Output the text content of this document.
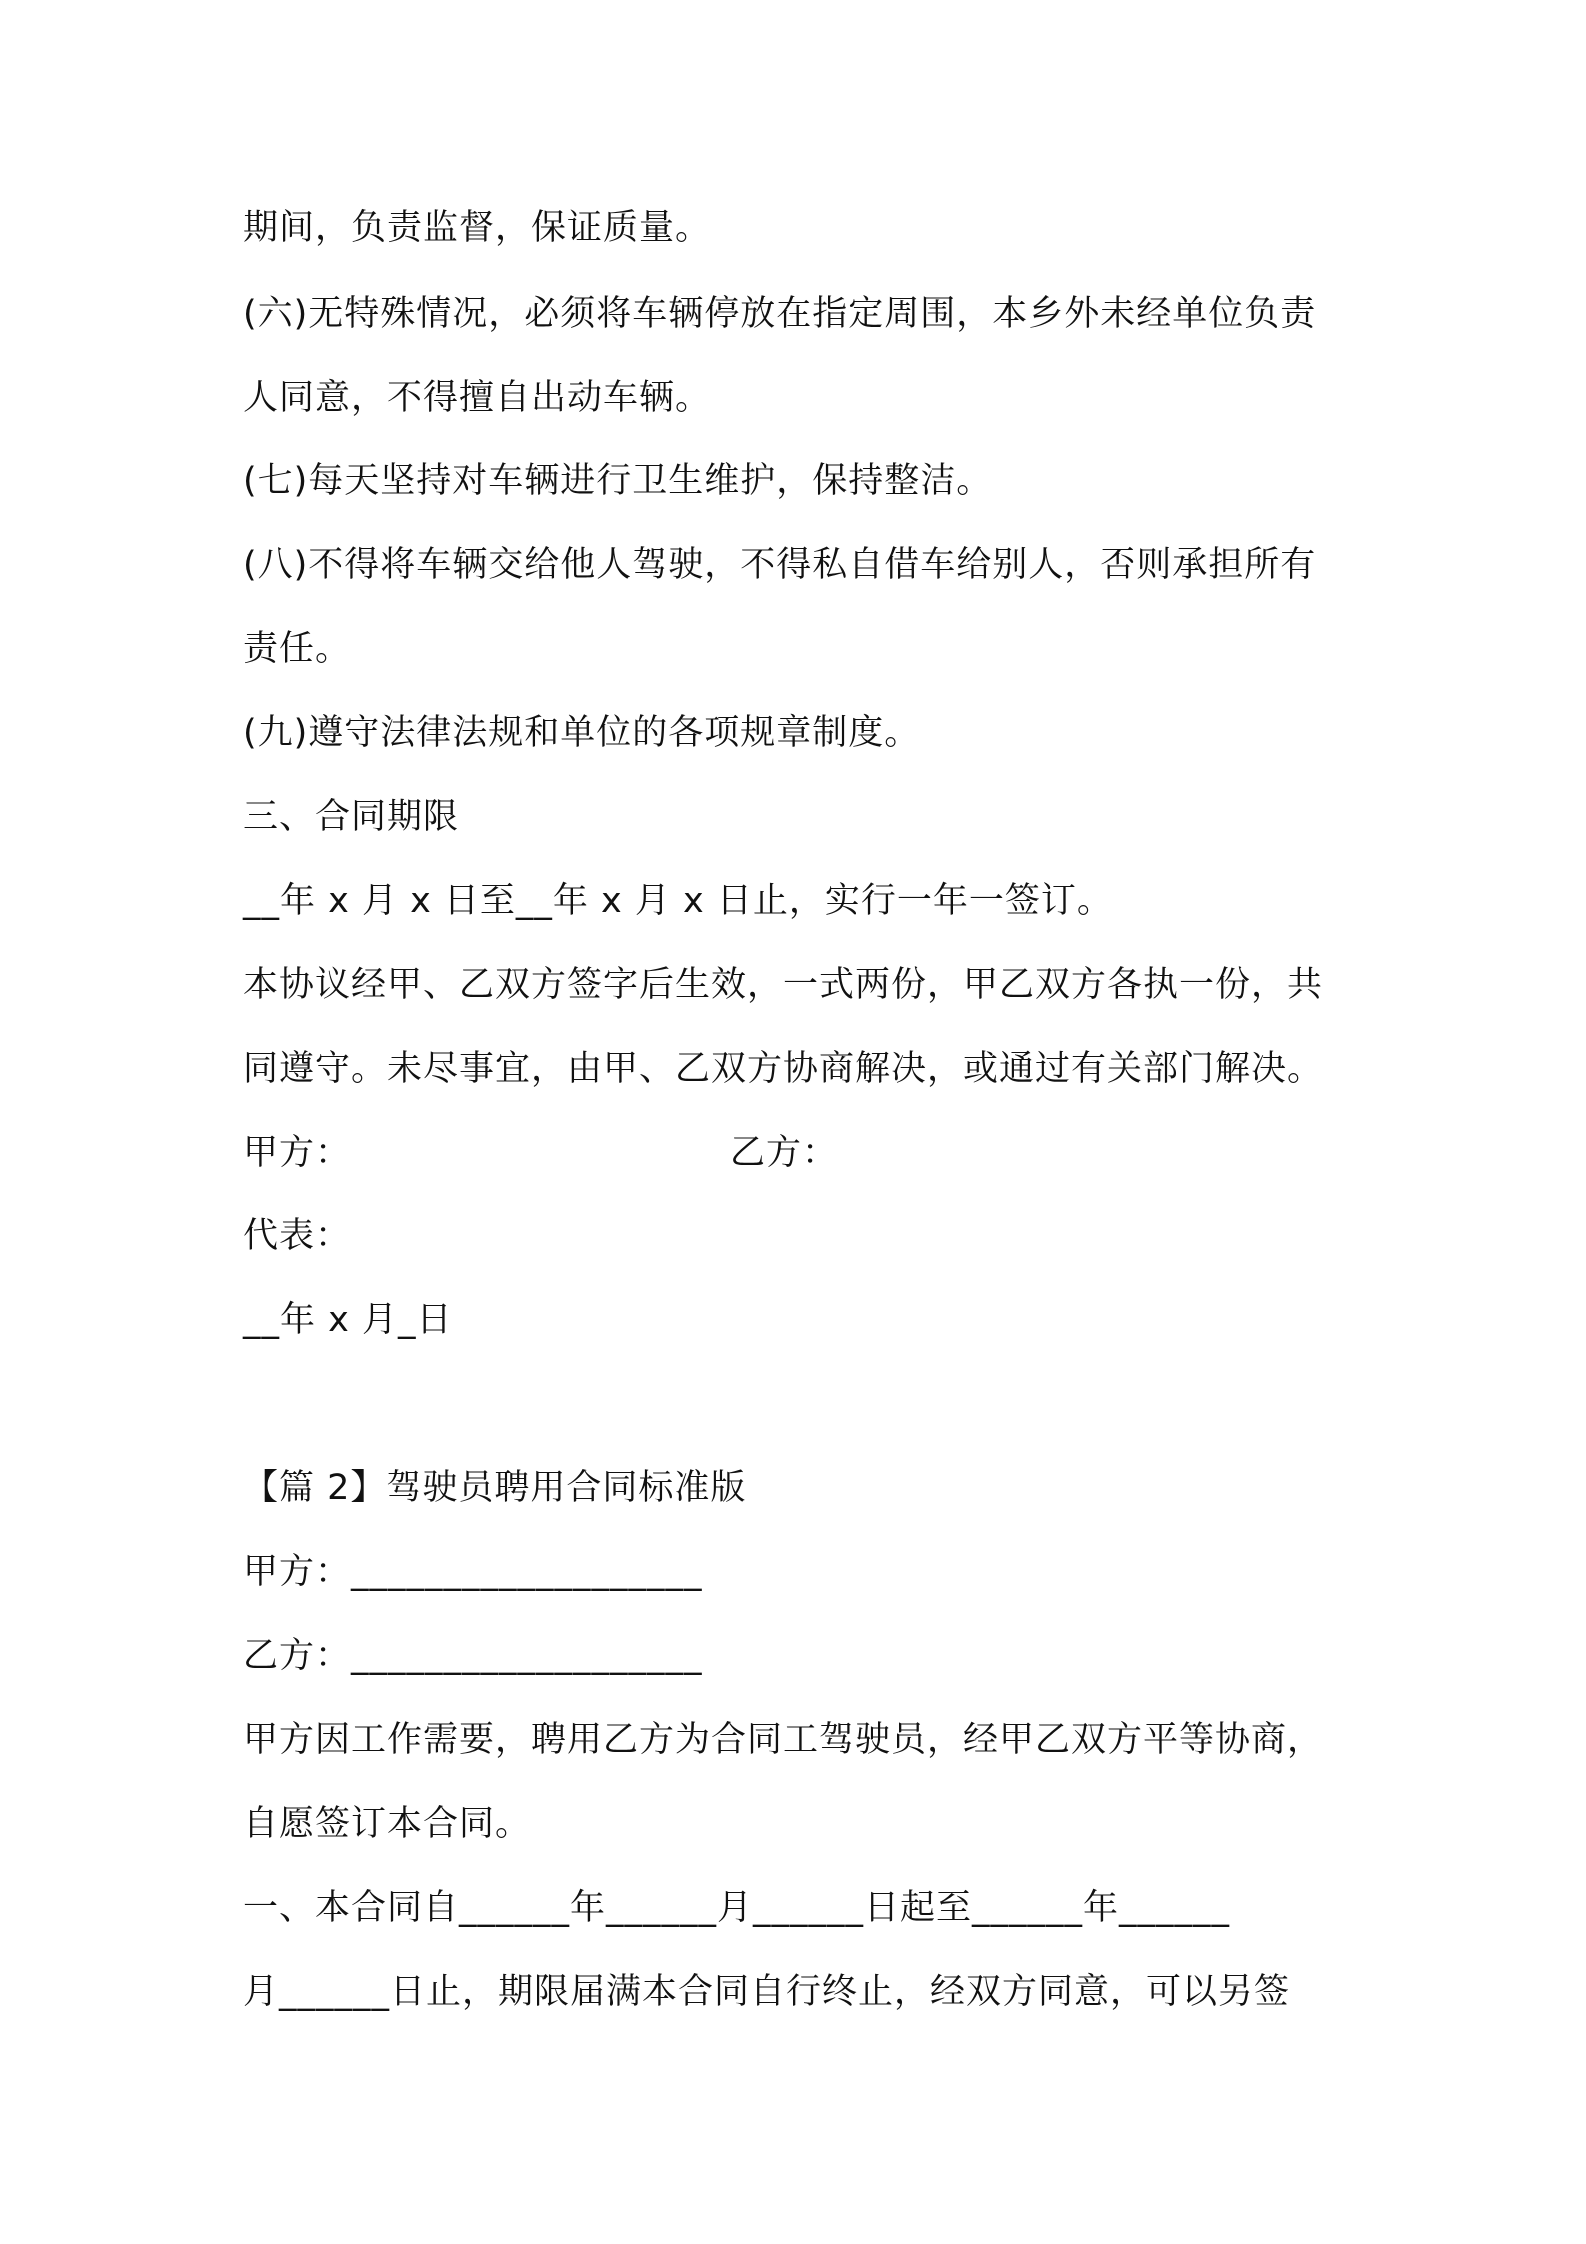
期间，负责监督，保证质量。
(六)无特殊情况，必须将车辆停放在指定周围，本乡外未经单位负责
人同意，不得擅自出动车辆。
(七)每天坚持对车辆进行卫生维护，保持整洁。
(八)不得将车辆交给他人驾驶，不得私自借车给别人，否则承担所有
责任。
(九)遵守法律法规和单位的各项规章制度。
三、合同期限
__年 x 月 x 日至__年 x 月 x 日止，实行一年一签订。
本协议经甲、乙双方签字后生效，一式两份，甲乙双方各执一份，共
同遵守。未尽事宜，由甲、乙双方协商解决，或通过有关部门解决。
甲方：	乙方：
代表：
__年 x 月_日
【篇 2】驾驶员聘用合同标准版
甲方：___________________
乙方：___________________
甲方因工作需要，聘用乙方为合同工驾驶员，经甲乙双方平等协商，
自愿签订本合同。
一、本合同自______年______月______日起至______年______
月______日止，期限届满本合同自行终止，经双方同意，可以另签
